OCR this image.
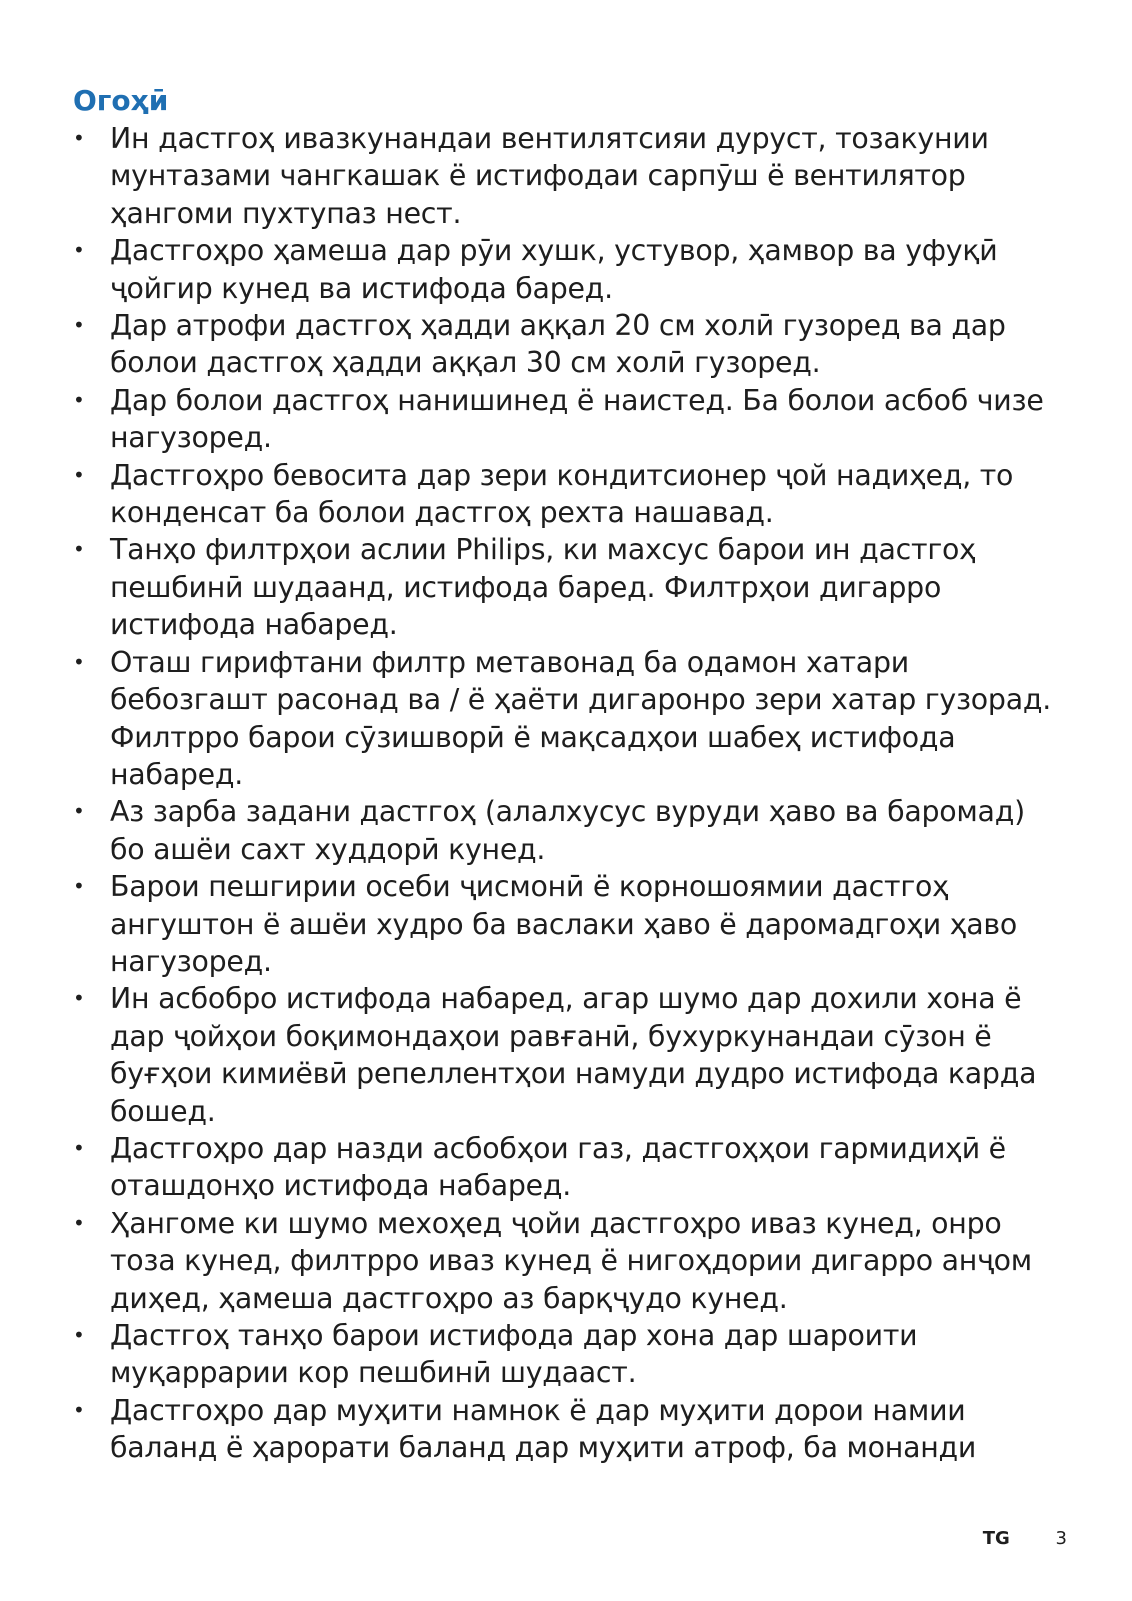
Огоҳӣ
• Ин дастгоҳ ивазкунандаи вентилятсияи дуруст, тозакунии мунтазами чангкашак ё истифодаи сарпӯш ё вентилятор ҳангоми пухтупаз нест.
• Дастгоҳро ҳамеша дар рӯи хушк, устувор, ҳамвор ва уфуқӣ ҷойгир кунед ва истифода баред.
• Дар атрофи дастгоҳ ҳадди аққал 20 см холӣ гузоред ва дар болои дастгоҳ ҳадди аққал 30 см холӣ гузоред.
• Дар болои дастгоҳ нанишинед ё наистед. Ба болои асбоб чизе нагузоред.
• Дастгоҳро бевосита дар зери кондитсионер ҷой надиҳед, то конденсат ба болои дастгоҳ рехта нашавад.
• Танҳо филтрҳои аслии Philips, ки махсус барои ин дастгоҳ пешбинӣ шудаанд, истифода баред. Филтрҳои дигарро истифода набаред.
• Оташ гирифтани филтр метавонад ба одамон хатари бебозгашт расонад ва / ё ҳаёти дигаронро зери хатар гузорад. Филтрро барои сӯзишворӣ ё мақсадҳои шабеҳ истифода набаред.
• Аз зарба задани дастгоҳ (алалхусус вуруди ҳаво ва баромад) бо ашёи сахт худдорӣ кунед.
• Барои пешгирии осеби ҷисмонӣ ё корношоямии дастгоҳ ангуштон ё ашёи худро ба васлаки ҳаво ё даромадгоҳи ҳаво нагузоред.
• Ин асбобро истифода набаред, агар шумо дар дохили хона ё дар ҷойҳои боқимондаҳои равғанӣ, бухуркунандаи сӯзон ё буғҳои кимиёвӣ репеллентҳои намуди дудро истифода карда бошед.
• Дастгоҳро дар назди асбобҳои газ, дастгоҳҳои гармидиҳӣ ё оташдонҳо истифода набаред.
• Ҳангоме ки шумо мехоҳед ҷойи дастгоҳро иваз кунед, онро тоза кунед, филтрро иваз кунед ё нигоҳдории дигарро анҷом диҳед, ҳамеша дастгоҳро аз барқҷудо кунед.
• Дастгоҳ танҳо барои истифода дар хона дар шароити муқаррарии кор пешбинӣ шудааст.
• Дастгоҳро дар муҳити намнок ё дар муҳити дорои намии баланд ё ҳарорати баланд дар муҳити атроф, ба монанди
TG	3
